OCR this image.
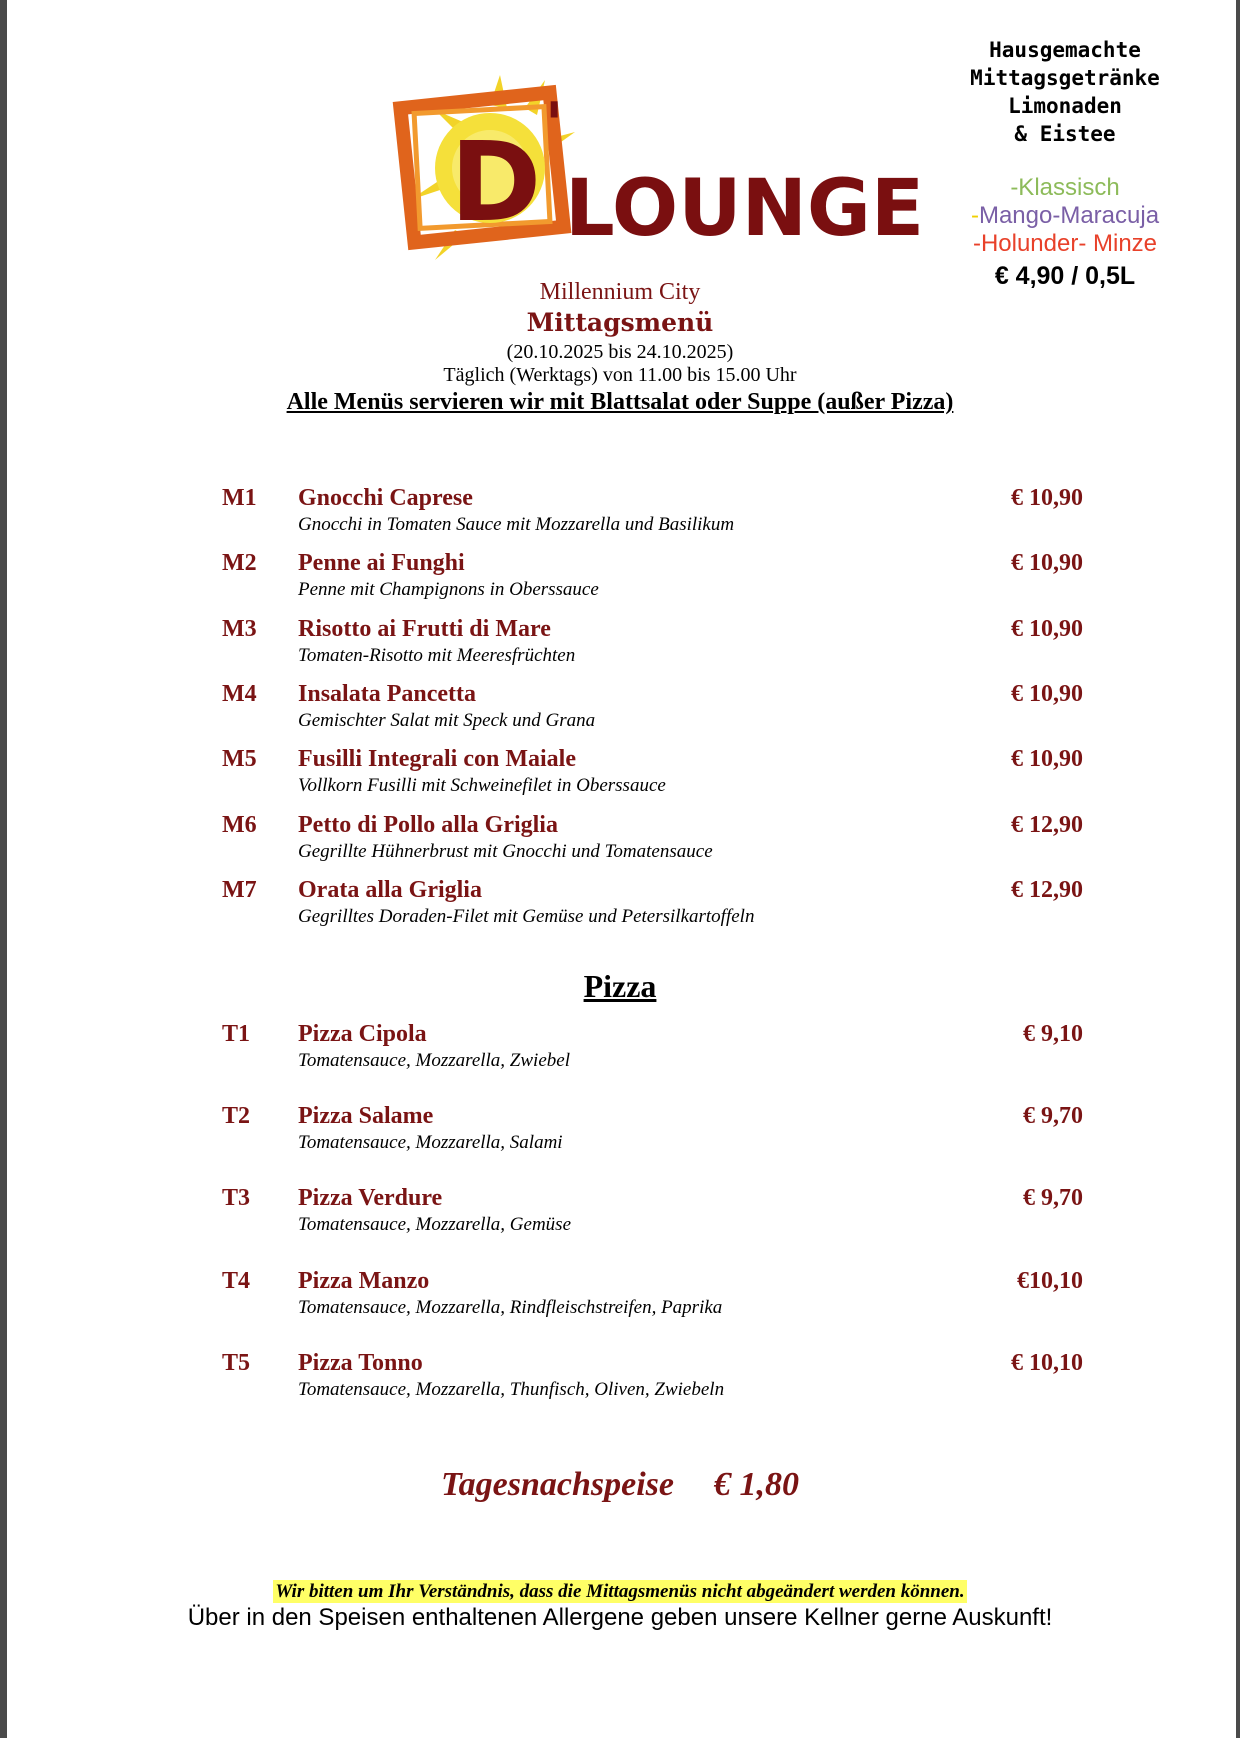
D '
LOUNGE
Hausgemachte
Mittagsgetränke
Limonaden
& Eistee
-Klassisch
-Mango-Maracuja
-Holunder- Minze
€ 4,90 / 0,5L
Millennium City
Mittagsmenü
(20.10.2025 bis 24.10.2025)
Täglich (Werktags) von 11.00 bis 15.00 Uhr
Alle Menüs servieren wir mit Blattsalat oder Suppe (außer Pizza)
M1 Gnocchi Caprese
Gnocchi in Tomaten Sauce mit Mozzarella und Basilikum
€ 10,90
M2 Penne ai Funghi
Penne mit Champignons in Oberssauce
€ 10,90
M3 Risotto ai Frutti di Mare
Tomaten-Risotto mit Meeresfrüchten
€ 10,90
M4 Insalata Pancetta
Gemischter Salat mit Speck und Grana
€ 10,90
M5 Fusilli Integrali con Maiale
Vollkorn Fusilli mit Schweinefilet in Oberssauce
€ 10,90
M6 Petto di Pollo alla Griglia
Gegrillte Hühnerbrust mit Gnocchi und Tomatensauce
€ 12,90
M7 Orata alla Griglia
Gegrilltes Doraden-Filet mit Gemüse und Petersilkartoffeln
€ 12,90
Pizza
T1 Pizza Cipola
Tomatensauce, Mozzarella, Zwiebel
€ 9,10
T2 Pizza Salame
Tomatensauce, Mozzarella, Salami
€ 9,70
T3 Pizza Verdure
Tomatensauce, Mozzarella, Gemüse
€ 9,70
T4 Pizza Manzo
Tomatensauce, Mozzarella, Rindfleischstreifen, Paprika
€10,10
T5 Pizza Tonno
Tomatensauce, Mozzarella, Thunfisch, Oliven, Zwiebeln
€ 10,10
Tagesnachspeise € 1,80
Wir bitten um Ihr Verständnis, dass die Mittagsmenüs nicht abgeändert werden können.
Über in den Speisen enthaltenen Allergene geben unsere Kellner gerne Auskunft!
